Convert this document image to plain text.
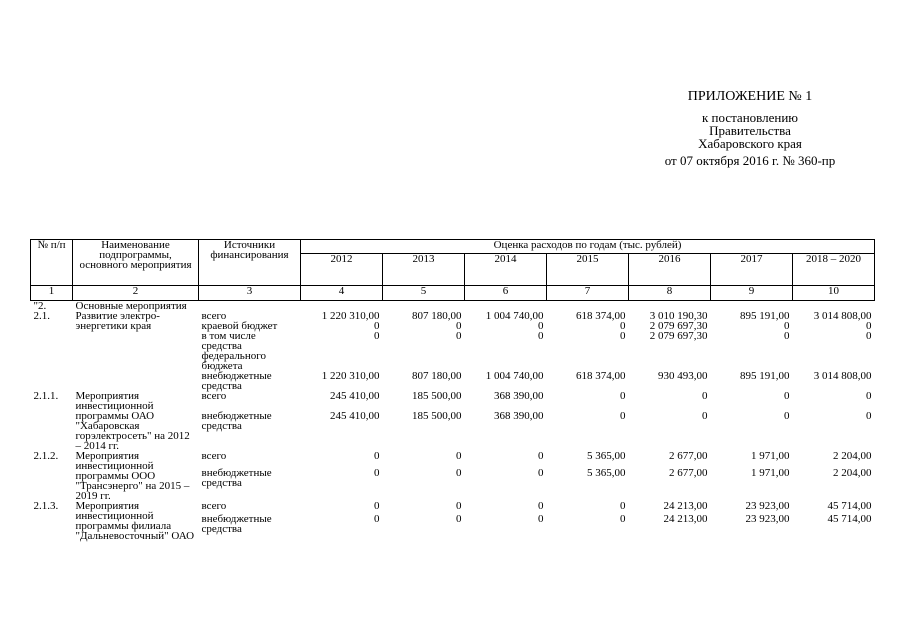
ПРИЛОЖЕНИЕ № 1
к постановлению
Правительства
Хабаровского края
от 07 октября 2016 г. № 360-пр
№ п/п	Наименование подпрограммы, основного мероприятия	Источники финансирования	Оценка расходов по годам (тыс. рублей)						
			2012	2013	2014	2015	2016	2017	2018 – 2020
1	2	3	4	5	6	7	8	9	10
"2.	Основные мероприятия								
2.1.	Развитие электро-энергетики края	всего	1 220 310,00	807 180,00	1 004 740,00	618 374,00	3 010 190,30	895 191,00	3 014 808,00
		краевой бюджет	0	0	0	0	2 079 697,30	0	0
		в том числе средства федерального бюджета	0	0	0	0	2 079 697,30	0	0
		внебюджетные средства	1 220 310,00	807 180,00	1 004 740,00	618 374,00	930 493,00	895 191,00	3 014 808,00
2.1.1.	Мероприятия инвестиционной программы ОАО "Хабаровская горэлектросеть" на 2012 – 2014 гг.	всего	245 410,00	185 500,00	368 390,00	0	0	0	0
		внебюджетные средства	245 410,00	185 500,00	368 390,00	0	0	0	0
2.1.2.	Мероприятия инвестиционной программы ООО "Трансэнерго" на 2015 – 2019 гг.	всего	0	0	0	5 365,00	2 677,00	1 971,00	2 204,00
		внебюджетные средства	0	0	0	5 365,00	2 677,00	1 971,00	2 204,00
2.1.3.	Мероприятия инвестиционной программы филиала "Дальневосточный" ОАО	всего	0	0	0	0	24 213,00	23 923,00	45 714,00
		внебюджетные средства	0	0	0	0	24 213,00	23 923,00	45 714,00
